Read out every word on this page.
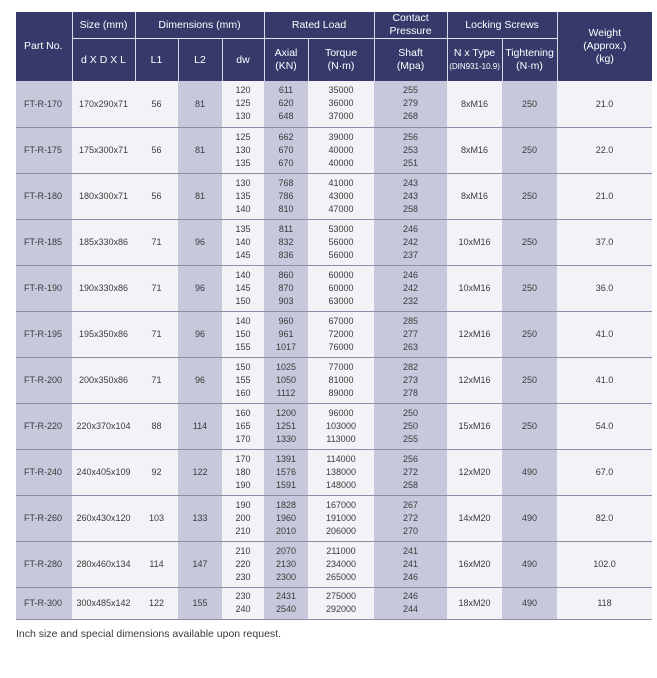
Part No.	Size (mm)	Dimensions (mm)			Rated Load		Contact Pressure	Locking Screws		Weight
(Approx.)
(kg)

	d X D X L	L1	L2	dw	Axial
(KN)	Torque
(N·m)	Shaft
(Mpa)	N x Type
(DIN931-10.9)	Tightening
(N·m)	

FT-R-170	170x290x71	56	81	120
125
130	611
620
648	35000
36000
37000	255
279
268	8xM16	250	21.0
FT-R-175	175x300x71	56	81	125
130
135	662
670
670	39000
40000
40000	256
253
251	8xM16	250	22.0
FT-R-180	180x300x71	56	81	130
135
140	768
786
810	41000
43000
47000	243
243
258	8xM16	250	21.0
FT-R-185	185x330x86	71	96	135
140
145	811
832
836	53000
56000
56000	246
242
237	10xM16	250	37.0
FT-R-190	190x330x86	71	96	140
145
150	860
870
903	60000
60000
63000	246
242
232	10xM16	250	36.0
FT-R-195	195x350x86	71	96	140
150
155	960
961
1017	67000
72000
76000	285
277
263	12xM16	250	41.0
FT-R-200	200x350x86	71	96	150
155
160	1025
1050
1112	77000
81000
89000	282
273
278	12xM16	250	41.0
FT-R-220	220x370x104	88	114	160
165
170	1200
1251
1330	96000
103000
113000	250
250
255	15xM16	250	54.0
FT-R-240	240x405x109	92	122	170
180
190	1391
1576
1591	114000
138000
148000	256
272
258	12xM20	490	67.0
FT-R-260	260x430x120	103	133	190
200
210	1828
1960
2010	167000
191000
206000	267
272
270	14xM20	490	82.0
FT-R-280	280x460x134	114	147	210
220
230	2070
2130
2300	211000
234000
265000	241
241
246	16xM20	490	102.0
FT-R-300	300x485x142	122	155	230
240	2431
2540	275000
292000	246
244	18xM20	490	118
Inch size and special dimensions available upon request.
